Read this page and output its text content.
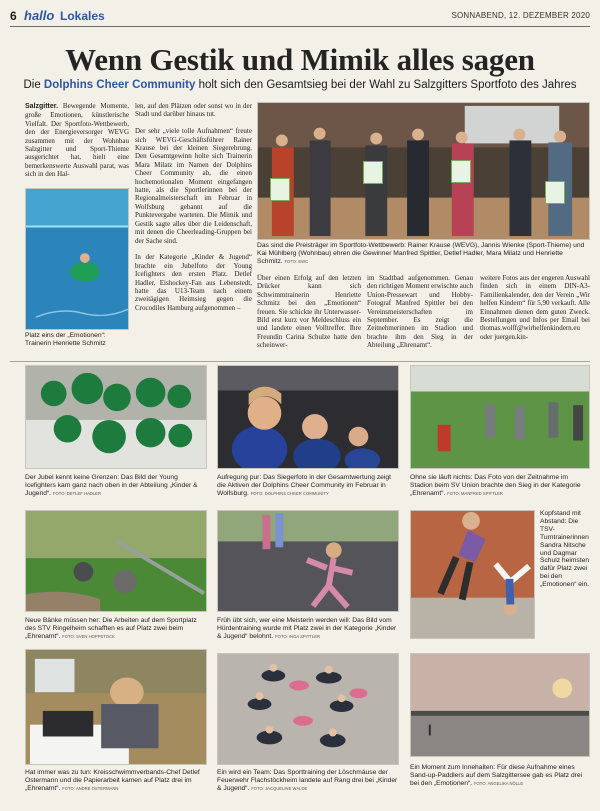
6 hallo Lokales	SONNABEND, 12. DEZEMBER 2020
Wenn Gestik und Mimik alles sagen
Die Dolphins Cheer Community holt sich den Gesamtsieg bei der Wahl zu Salzgitters Sportfoto des Jahres
Salzgitter. Bewegende Momente, große Emotionen, künstlerische Vielfalt. Der Sportfoto-Wettbewerb, den der Energieversorger WEVG zusammen mit der Wohnbau Salzgitter und Sport-Thieme ausgerichtet hat, hielt eine bemerkenswerte Auswahl parat, was sich in den Hal-
Platz eins der „Emotionen“: Trainerin Henriette Schmitz
len, auf den Plätzen oder sonst wo in der Stadt und darüber hinaus tut.

Der sehr „viele tolle Aufnahmen“ freute sich WEVG-Geschäftsführer Rainer Krause bei der kleinen Siegerehrung. Den Gesamtgewinn holte sich Trainerin Mara Milatz im Namen der Dolphins Cheer Community ab, die einen hochemotionalen Moment eingefangen hatte, als die Sportlerinnen bei der Regionalmeisterschaft im Februar in Wolfsburg gebannt auf die Punktevergabe warteten. Die Mimik und Gestik sagte alles über die Leidenschaft, mit denen die Cheerleading-Gruppen bei der Sache sind.

In der Kategorie „Kinder & Jugend“ brachte ein Jubelfoto der Young Icefighters den ersten Platz. Detlef Hadler, Eishockey-Fan aus Lebenstedt, hatte das U13-Team nach einem zweitägigen Heimsieg gegen die Crocodiles Hamburg aufgenommen –
Das sind die Preisträger im Sportfoto-Wettbewerb: Rainer Krause (WEVG), Jannis Wienke (Sport-Thieme) und Kai Mühlberg (Wohnbau) ehren die Gewinner Manfred Spittler, Detlef Hadler, Mara Milatz und Henriette Schmitz. FOTO: EWC
Über einen Erfolg auf den letzten Drücker kann sich Schwimmtrainerin Henriette Schmitz bei den „Emotionen“ freuen. Sie schickte ihr Unterwasser-Bild erst kurz vor Meldeschluss ein und landete einen Volltreffer. Ihre Freundin Carina Schulze hatte den scheinwer-
im Stadtbad aufgenommen. Genau den richtigen Moment erwischte auch Union-Pressewart und Hobby-Fotograf Manfred Spittler bei den Vereinsmeisterschaften im September. Es zeigt die Zeitnehmerinnen im Stadion und brachte ihm den Sieg in der Abteilung „Ehrenamt“.
weitere Fotos aus der engeren Auswahl finden sich in einem DIN-A3-Familienkalender, den der Verein „Wir helfen Kindern“ für 5,90 verkauft. Alle Einnahmen dienen dem guten Zweck. Bestellungen und Infos per Email bei thomas.wolff@wirhelfenkindern.eu oder juergen.kin-
Der Jubel kennt keine Grenzen: Das Bild der Young Icefighters kam ganz nach oben in der Abteilung „Kinder & Jugend“. FOTO: DETLEF HADLER
Aufregung pur: Das Siegerfoto in der Gesamtwertung zeigt die Aktiven der Dolphins Cheer Community im Februar in Wolfsburg. FOTO: DOLPHINS CHEER COMMUNITY
Ohne sie läuft nichts: Das Foto von der Zeitnahme im Stadion beim SV Union brachte den Sieg in der Kategorie „Ehrenamt“. FOTO: MANFRED SPITTLER
Neue Bänke müssen her: Die Arbeiten auf dem Sportplatz des STV Ringelheim schafften es auf Platz zwei beim „Ehrenamt“. FOTO: SVEN HOPPSTOCK
Früh übt sich, wer eine Meisterin werden will: Das Bild vom Hürdentraining wurde mit Platz zwei in der Kategorie „Kinder & Jugend“ belohnt. FOTO: INGA SPITTLER
Kopfstand mit Abstand: Die TSV-Turntrainerinnen Sandra Nitsche und Dagmar Schulz heimsten dafür Platz zwei bei den „Emotionen“ ein.
Hat immer was zu tun: Kreisschwimmverbands-Chef Detlef Ostermann und die Papierarbeit kamen auf Platz drei im „Ehrenamt“. FOTO: ANDRE OSTERMANN
Ein wird ein Team: Das Sporttraining der Löschmäuse der Feuerwehr Flachstöckheim landete auf Rang drei bei „Kinder & Jugend“. FOTO: JACQUELINE WALDE
Ein Moment zum Innehalten: Für diese Aufnahme eines Sand-up-Paddlers auf dem Salzgittersee gab es Platz drei bei den „Emotionen“. FOTO: ANGELIKA NÖLLE
